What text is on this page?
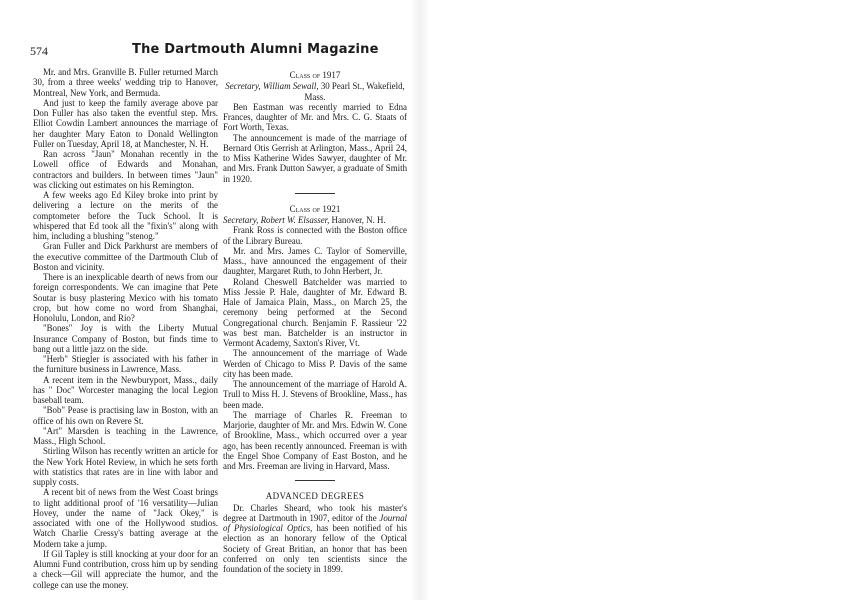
574	The Dartmouth Alumni Magazine

Mr. and Mrs. Granville B. Fuller returned March 30, from a three weeks' wedding trip to Hanover, Montreal, New York, and Bermuda.

And just to keep the family average above par Don Fuller has also taken the eventful step. Mrs. Elliot Cowdin Lambert announces the marriage of her daughter Mary Eaton to Donald Wellington Fuller on Tuesday, April 18, at Manchester, N. H.

Ran across "Jaun" Monahan recently in the Lowell office of Edwards and Monahan, contractors and builders. In between times "Jaun" was clicking out estimates on his Remington.

A few weeks ago Ed Kiley broke into print by delivering a lecture on the merits of the comptometer before the Tuck School. It is whispered that Ed took all the "fixin's" along with him, including a blushing "stenog."

Gran Fuller and Dick Parkhurst are members of the executive committee of the Dartmouth Club of Boston and vicinity.

There is an inexplicable dearth of news from our foreign correspondents. We can imagine that Pete Soutar is busy plastering Mexico with his tomato crop, but how come no word from Shanghai, Honolulu, London, and Rio?

"Bones" Joy is with the Liberty Mutual Insurance Company of Boston, but finds time to bang out a little jazz on the side.

"Herb" Stiegler is associated with his father in the furniture business in Lawrence, Mass.

A recent item in the Newburyport, Mass., daily has " Doc" Worcester managing the local Legion baseball team.

"Bob" Pease is practising law in Boston, with an office of his own on Revere St.

"Art" Marsden is teaching in the Lawrence, Mass., High School.

Stirling Wilson has recently written an article for the New York Hotel Review, in which he sets forth with statistics that rates are in line with labor and supply costs.

A recent bit of news from the West Coast brings to light additional proof of '16 versatility—Julian Hovey, under the name of "Jack Okey," is associated with one of the Hollywood studios. Watch Charlie Cressy's batting average at the Modern take a jump.

If Gil Tapley is still knocking at your door for an Alumni Fund contribution, cross him up by sending a check—Gil will appreciate the humor, and the college can use the money.

Class of 1917

Secretary, William Sewall, 30 Pearl St., Wakefield, Mass.

Ben Eastman was recently married to Edna Frances, daughter of Mr. and Mrs. C. G. Staats of Fort Worth, Texas.

The announcement is made of the marriage of Bernard Otis Gerrish at Arlington, Mass., April 24, to Miss Katherine Wides Sawyer, daughter of Mr. and Mrs. Frank Dutton Sawyer, a graduate of Smith in 1920.

Class of 1921

Secretary, Robert W. Elsasser, Hanover, N. H.

Frank Ross is connected with the Boston office of the Library Bureau.

Mr. and Mrs. James C. Taylor of Somerville, Mass., have announced the engagement of their daughter, Margaret Ruth, to John Herbert, Jr.

Roland Cheswell Batchelder was married to Miss Jessie P. Hale, daughter of Mr. Edward B. Hale of Jamaica Plain, Mass., on March 25, the ceremony being performed at the Second Congregational church. Benjamin F. Rassieur '22 was best man. Batchelder is an instructor in Vermont Academy, Saxton's River, Vt.

The announcement of the marriage of Wade Werden of Chicago to Miss P. Davis of the same city has been made.

The announcement of the marriage of Harold A. Trull to Miss H. J. Stevens of Brookline, Mass., has been made.

The marriage of Charles R. Freeman to Marjorie, daughter of Mr. and Mrs. Edwin W. Cone of Brookline, Mass., which occurred over a year ago, has been recently announced. Freeman is with the Engel Shoe Company of East Boston, and he and Mrs. Freeman are living in Harvard, Mass.

ADVANCED DEGREES

Dr. Charles Sheard, who took his master's degree at Dartmouth in 1907, editor of the Journal of Physiological Optics, has been notified of his election as an honorary fellow of the Optical Society of Great Britian, an honor that has been conferred on only ten scientists since the foundation of the society in 1899.
